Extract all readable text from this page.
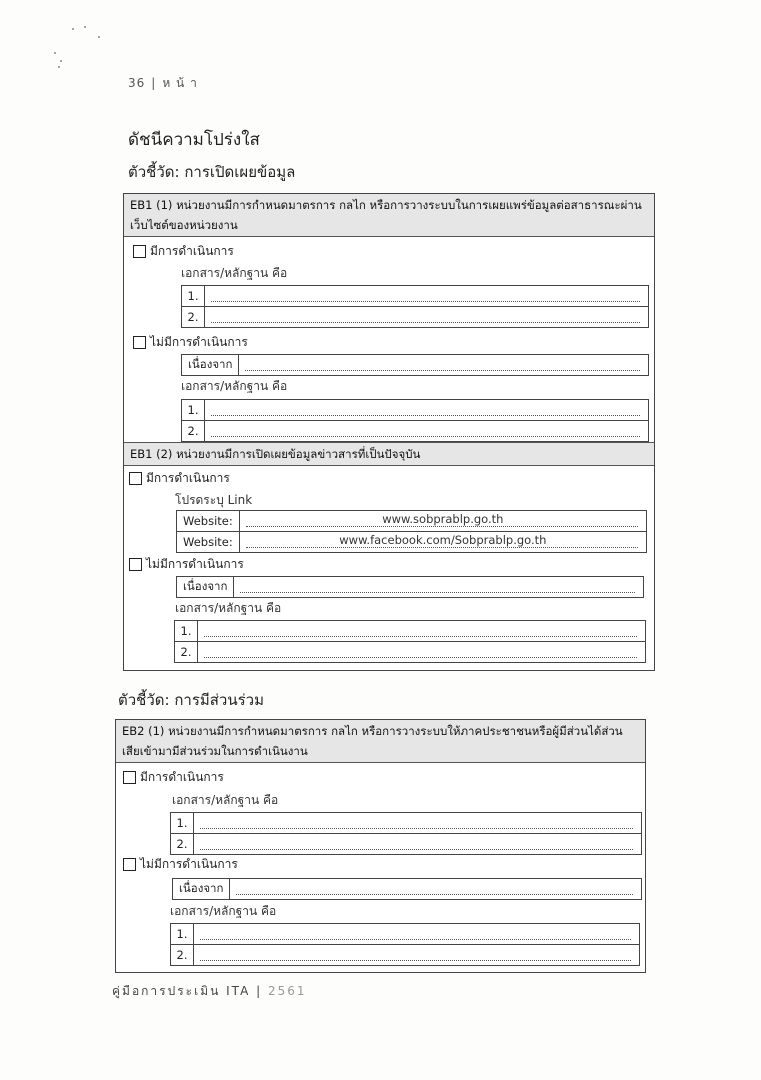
36 | ห น้ า
ดัชนีความโปร่งใส
ตัวชี้วัด: การเปิดเผยข้อมูล
EB1 (1) หน่วยงานมีการกำหนดมาตรการ กลไก หรือการวางระบบในการเผยแพร่ข้อมูลต่อสาธารณะผ่านเว็บไซต์ของหน่วยงาน
มีการดำเนินการ
เอกสาร/หลักฐาน คือ
1.
2.
ไม่มีการดำเนินการ
เนื่องจาก
เอกสาร/หลักฐาน คือ
1.
2.
EB1 (2) หน่วยงานมีการเปิดเผยข้อมูลข่าวสารที่เป็นปัจจุบัน
มีการดำเนินการ
โปรดระบุ Link
Website:	www.sobprablp.go.th
Website:	www.facebook.com/Sobprablp.go.th
ไม่มีการดำเนินการ
เนื่องจาก
เอกสาร/หลักฐาน คือ
1.
2.
ตัวชี้วัด: การมีส่วนร่วม
EB2 (1) หน่วยงานมีการกำหนดมาตรการ กลไก หรือการวางระบบให้ภาคประชาชนหรือผู้มีส่วนได้ส่วนเสียเข้ามามีส่วนร่วมในการดำเนินงาน
มีการดำเนินการ
เอกสาร/หลักฐาน คือ
1.
2.
ไม่มีการดำเนินการ
เนื่องจาก
เอกสาร/หลักฐาน คือ
1.
2.
คู่มือการประเมิน ITA | 2561
